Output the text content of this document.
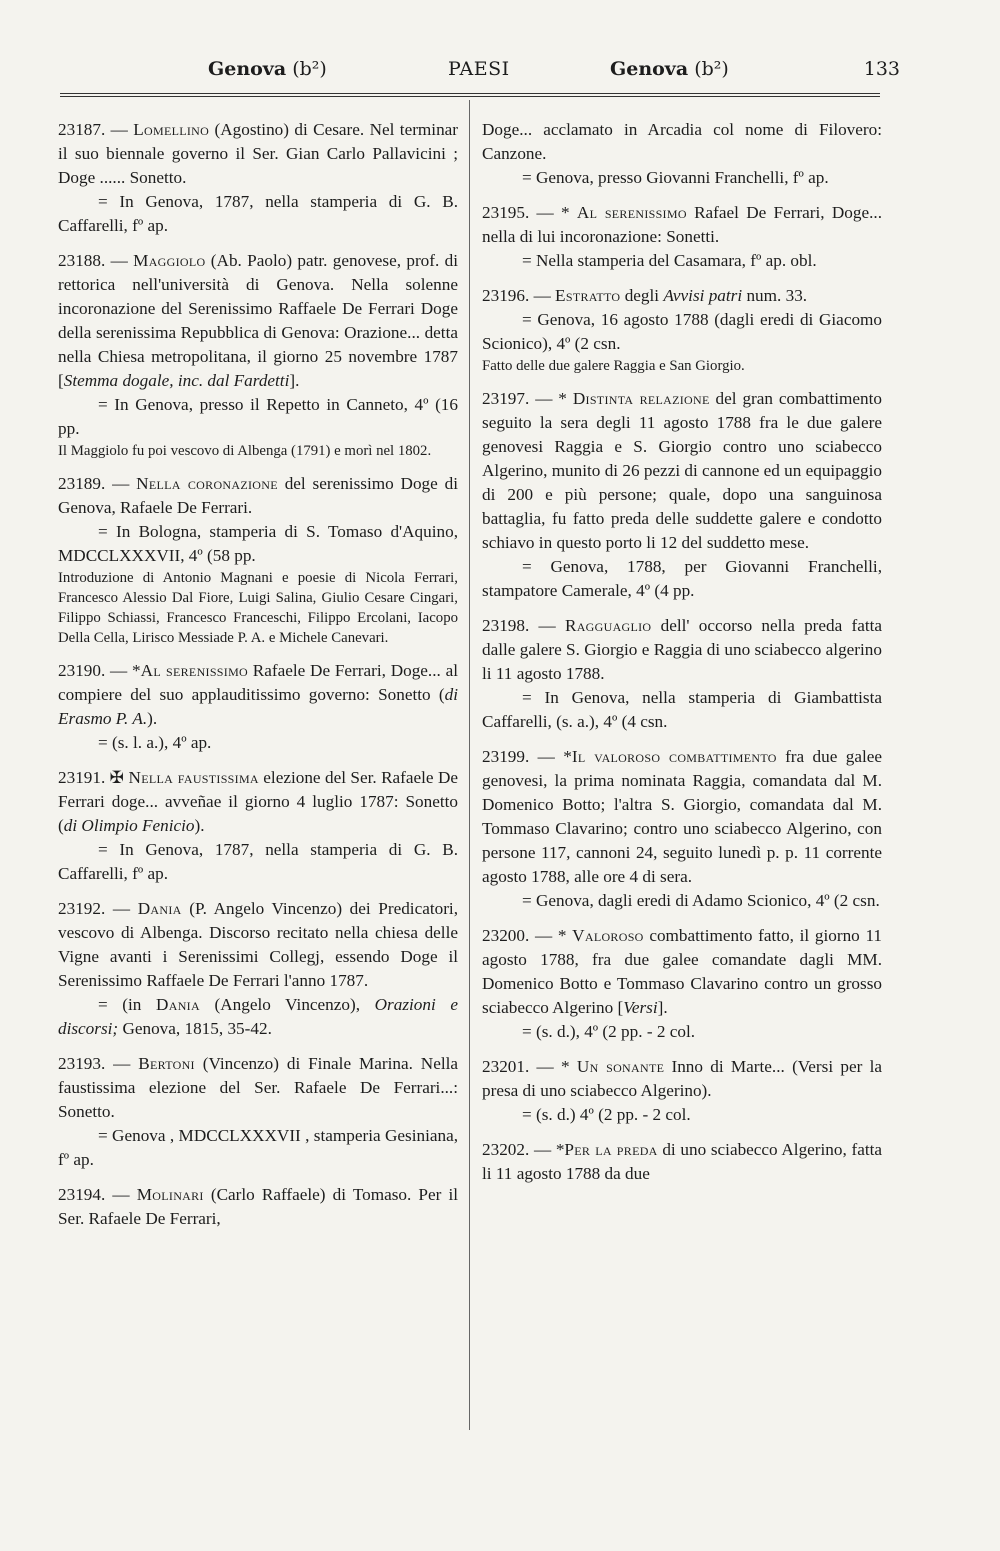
Genova (b²)	PAESI	Genova (b²)	133

23187. — Lomellino (Agostino) di Cesare. Nel terminar il suo biennale governo il Ser. Gian Carlo Pallavicini ; Doge ...... Sonetto.

= In Genova, 1787, nella stamperia di G. B. Caffarelli, fº ap.

23188. — Maggiolo (Ab. Paolo) patr. genovese, prof. di rettorica nell'università di Genova. Nella solenne incoronazione del Serenissimo Raffaele De Ferrari Doge della serenissima Repubblica di Genova: Orazione... detta nella Chiesa metropolitana, il giorno 25 novembre 1787 [Stemma dogale, inc. dal Fardetti].

= In Genova, presso il Repetto in Canneto, 4º (16 pp.

Il Maggiolo fu poi vescovo di Albenga (1791) e morì nel 1802.

23189. — Nella coronazione del serenissimo Doge di Genova, Rafaele De Ferrari.

= In Bologna, stamperia di S. Tomaso d'Aquino, MDCCLXXXVII, 4º (58 pp.

Introduzione di Antonio Magnani e poesie di Nicola Ferrari, Francesco Alessio Dal Fiore, Luigi Salina, Giulio Cesare Cingari, Filippo Schiassi, Francesco Franceschi, Filippo Ercolani, Iacopo Della Cella, Lirisco Messiade P. A. e Michele Canevari.

23190. — *Al serenissimo Rafaele De Ferrari, Doge... al compiere del suo applauditissimo governo: Sonetto (di Erasmo P. A.).

= (s. l. a.), 4º ap.

23191. ✠ Nella faustissima elezione del Ser. Rafaele De Ferrari doge... avveñae il giorno 4 luglio 1787: Sonetto (di Olimpio Fenicio).

= In Genova, 1787, nella stamperia di G. B. Caffarelli, fº ap.

23192. — Dania (P. Angelo Vincenzo) dei Predicatori, vescovo di Albenga. Discorso recitato nella chiesa delle Vigne avanti i Serenissimi Collegj, essendo Doge il Serenissimo Raffaele De Ferrari l'anno 1787.

= (in Dania (Angelo Vincenzo), Orazioni e discorsi; Genova, 1815, 35-42.

23193. — Bertoni (Vincenzo) di Finale Marina. Nella faustissima elezione del Ser. Rafaele De Ferrari...: Sonetto.

= Genova , MDCCLXXXVII , stamperia Gesiniana, fº ap.

23194. — Molinari (Carlo Raffaele) di Tomaso. Per il Ser. Rafaele De Ferrari,

Doge... acclamato in Arcadia col nome di Filovero: Canzone.

= Genova, presso Giovanni Franchelli, fº ap.

23195. — * Al serenissimo Rafael De Ferrari, Doge... nella di lui incoronazione: Sonetti.

= Nella stamperia del Casamara, fº ap. obl.

23196. — Estratto degli Avvisi patri num. 33.

= Genova, 16 agosto 1788 (dagli eredi di Giacomo Scionico), 4º (2 csn.

Fatto delle due galere Raggia e San Giorgio.

23197. — * Distinta relazione del gran combattimento seguito la sera degli 11 agosto 1788 fra le due galere genovesi Raggia e S. Giorgio contro uno sciabecco Algerino, munito di 26 pezzi di cannone ed un equipaggio di 200 e più persone; quale, dopo una sanguinosa battaglia, fu fatto preda delle suddette galere e condotto schiavo in questo porto li 12 del suddetto mese.

= Genova, 1788, per Giovanni Franchelli, stampatore Camerale, 4º (4 pp.

23198. — Ragguaglio dell' occorso nella preda fatta dalle galere S. Giorgio e Raggia di uno sciabecco algerino li 11 agosto 1788.

= In Genova, nella stamperia di Giambattista Caffarelli, (s. a.), 4º (4 csn.

23199. — *Il valoroso combattimento fra due galee genovesi, la prima nominata Raggia, comandata dal M. Domenico Botto; l'altra S. Giorgio, comandata dal M. Tommaso Clavarino; contro uno sciabecco Algerino, con persone 117, cannoni 24, seguito lunedì p. p. 11 corrente agosto 1788, alle ore 4 di sera.

= Genova, dagli eredi di Adamo Scionico, 4º (2 csn.

23200. — * Valoroso combattimento fatto, il giorno 11 agosto 1788, fra due galee comandate dagli MM. Domenico Botto e Tommaso Clavarino contro un grosso sciabecco Algerino [Versi].

= (s. d.), 4º (2 pp. - 2 col.

23201. — * Un sonante Inno di Marte... (Versi per la presa di uno sciabecco Algerino).

= (s. d.) 4º (2 pp. - 2 col.

23202. — *Per la preda di uno sciabecco Algerino, fatta li 11 agosto 1788 da due
